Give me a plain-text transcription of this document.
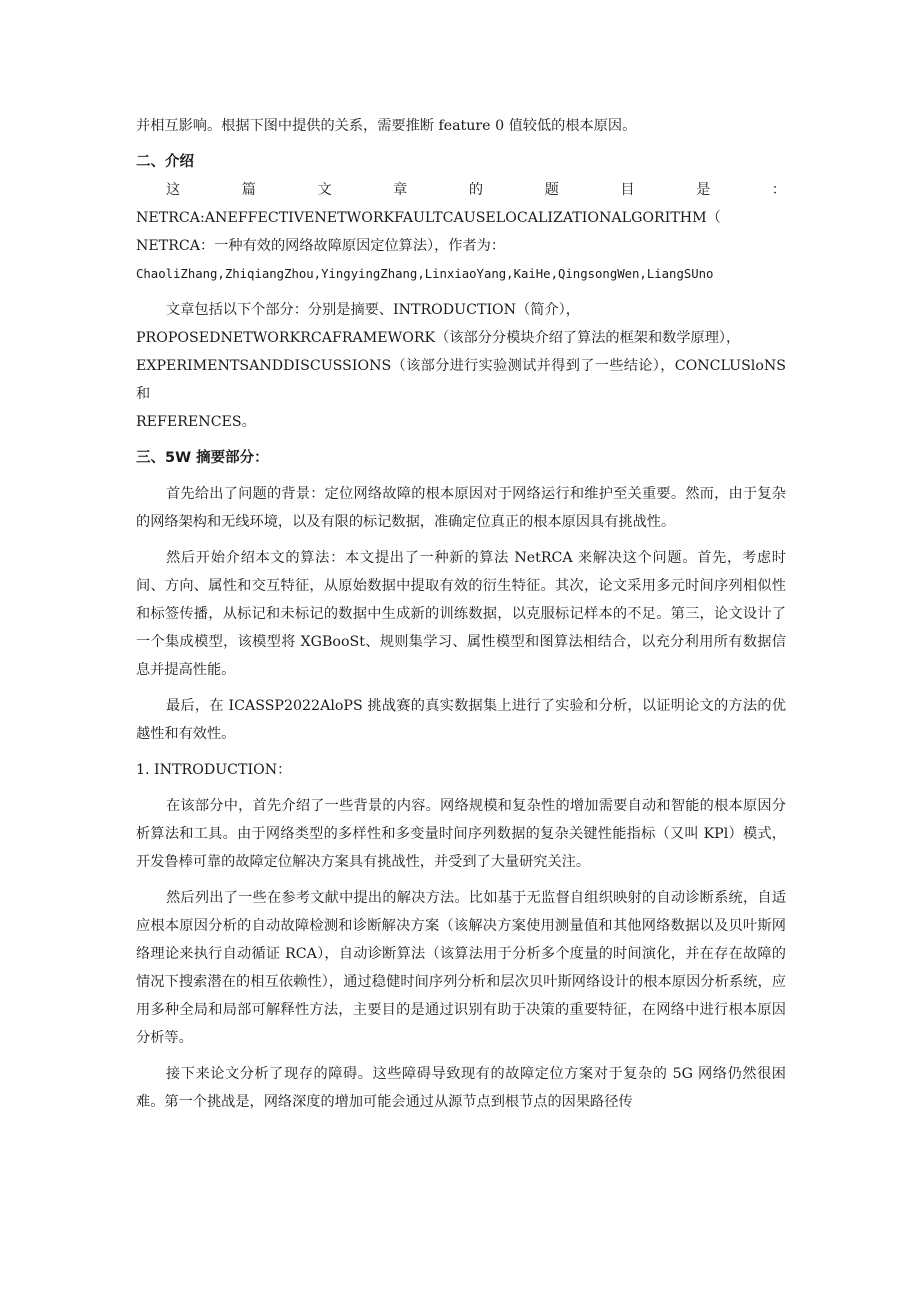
并相互影响。根据下图中提供的关系，需要推断 feature 0 值较低的根本原因。

二、介绍

这篇文章的题目是：NETRCA:ANEFFECTIVENETWORKFAULTCAUSELOCALIZATIONALGORITHM（

NETRCA：一种有效的网络故障原因定位算法），作者为：

ChaoliZhang,ZhiqiangZhou,YingyingZhang,LinxiaoYang,KaiHe,QingsongWen,LiangSUno

文章包括以下个部分：分别是摘要、INTRODUCTION（简介），

PROPOSEDNETWORKRCAFRAMEWORK（该部分分模块介绍了算法的框架和数学原理），

EXPERIMENTSANDDISCUSSIONS（该部分进行实验测试并得到了一些结论），CONCLUSloNS 和

REFERENCES。

三、5W 摘要部分：

首先给出了问题的背景：定位网络故障的根本原因对于网络运行和维护至关重要。然而，由于复杂的网络架构和无线环境，以及有限的标记数据，准确定位真正的根本原因具有挑战性。

然后开始介绍本文的算法：本文提出了一种新的算法 NetRCA 来解决这个问题。首先，考虑时间、方向、属性和交互特征，从原始数据中提取有效的衍生特征。其次，论文采用多元时间序列相似性和标签传播，从标记和未标记的数据中生成新的训练数据，以克服标记样本的不足。第三，论文设计了一个集成模型，该模型将 XGBooSt、规则集学习、属性模型和图算法相结合，以充分利用所有数据信息并提高性能。

最后，在 ICASSP2022AloPS 挑战赛的真实数据集上进行了实验和分析，以证明论文的方法的优越性和有效性。

1. INTRODUCTION：

在该部分中，首先介绍了一些背景的内容。网络规模和复杂性的增加需要自动和智能的根本原因分析算法和工具。由于网络类型的多样性和多变量时间序列数据的复杂关键性能指标（又叫 KPl）模式，开发鲁棒可靠的故障定位解决方案具有挑战性，并受到了大量研究关注。

然后列出了一些在参考文献中提出的解决方法。比如基于无监督自组织映射的自动诊断系统，自适应根本原因分析的自动故障检测和诊断解决方案（该解决方案使用测量值和其他网络数据以及贝叶斯网络理论来执行自动循证 RCA），自动诊断算法（该算法用于分析多个度量的时间演化，并在存在故障的情况下搜索潜在的相互依赖性），通过稳健时间序列分析和层次贝叶斯网络设计的根本原因分析系统，应用多种全局和局部可解释性方法，主要目的是通过识别有助于决策的重要特征，在网络中进行根本原因分析等。

接下来论文分析了现存的障碍。这些障碍导致现有的故障定位方案对于复杂的 5G 网络仍然很困难。第一个挑战是，网络深度的增加可能会通过从源节点到根节点的因果路径传
